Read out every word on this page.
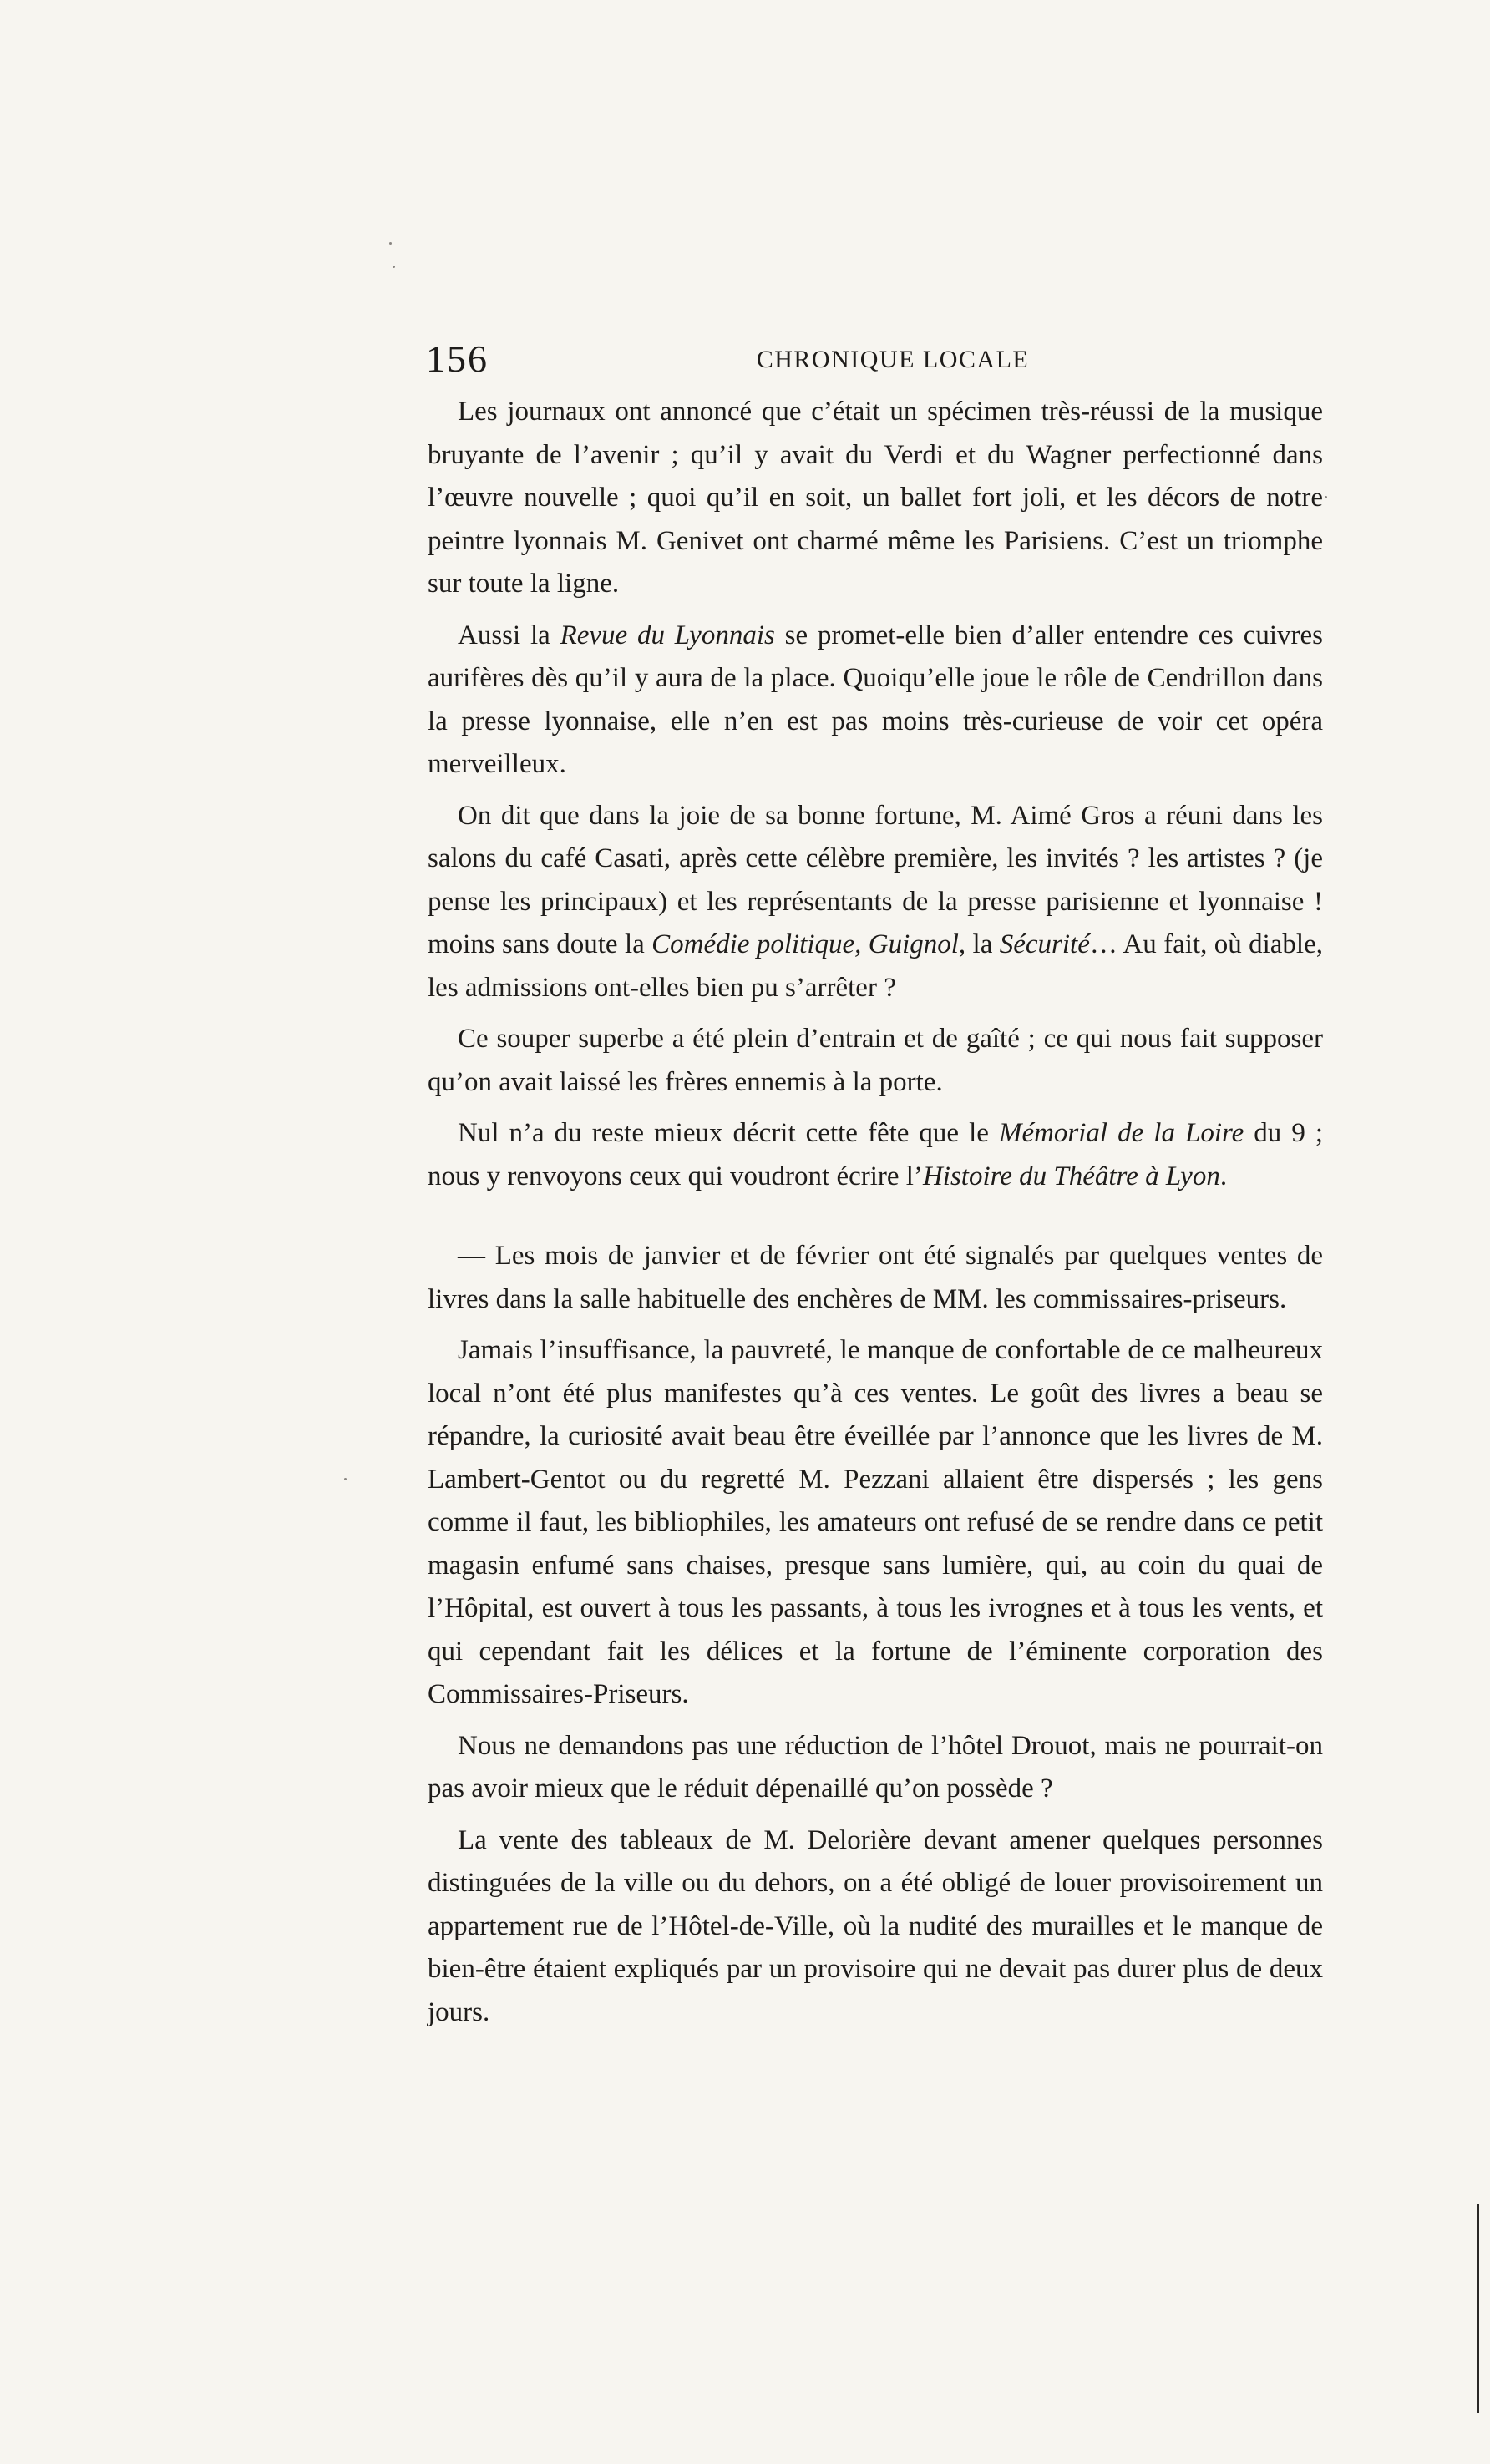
156	CHRONIQUE LOCALE

Les journaux ont annoncé que c’était un spécimen très-réussi de la musique bruyante de l’avenir ; qu’il y avait du Verdi et du Wagner perfectionné dans l’œuvre nouvelle ; quoi qu’il en soit, un ballet fort joli, et les décors de notre peintre lyonnais M. Genivet ont charmé même les Parisiens. C’est un triomphe sur toute la ligne.

Aussi la Revue du Lyonnais se promet-elle bien d’aller entendre ces cuivres aurifères dès qu’il y aura de la place. Quoiqu’elle joue le rôle de Cendrillon dans la presse lyonnaise, elle n’en est pas moins très-curieuse de voir cet opéra merveilleux.

On dit que dans la joie de sa bonne fortune, M. Aimé Gros a réuni dans les salons du café Casati, après cette célèbre première, les invités ? les artistes ? (je pense les principaux) et les représentants de la presse parisienne et lyonnaise ! moins sans doute la Comédie politique, Guignol, la Sécurité… Au fait, où diable, les admissions ont-elles bien pu s’arrêter ?

Ce souper superbe a été plein d’entrain et de gaîté ; ce qui nous fait supposer qu’on avait laissé les frères ennemis à la porte.

Nul n’a du reste mieux décrit cette fête que le Mémorial de la Loire du 9 ; nous y renvoyons ceux qui voudront écrire l’Histoire du Théâtre à Lyon.

— Les mois de janvier et de février ont été signalés par quelques ventes de livres dans la salle habituelle des enchères de MM. les commissaires-priseurs.

Jamais l’insuffisance, la pauvreté, le manque de confortable de ce malheureux local n’ont été plus manifestes qu’à ces ventes. Le goût des livres a beau se répandre, la curiosité avait beau être éveillée par l’annonce que les livres de M. Lambert-Gentot ou du regretté M. Pezzani allaient être dispersés ; les gens comme il faut, les bibliophiles, les amateurs ont refusé de se rendre dans ce petit magasin enfumé sans chaises, presque sans lumière, qui, au coin du quai de l’Hôpital, est ouvert à tous les passants, à tous les ivrognes et à tous les vents, et qui cependant fait les délices et la fortune de l’éminente corporation des Commissaires-Priseurs.

Nous ne demandons pas une réduction de l’hôtel Drouot, mais ne pourrait-on pas avoir mieux que le réduit dépenaillé qu’on possède ?

La vente des tableaux de M. Delorière devant amener quelques personnes distinguées de la ville ou du dehors, on a été obligé de louer provisoirement un appartement rue de l’Hôtel-de-Ville, où la nudité des murailles et le manque de bien-être étaient expliqués par un provisoire qui ne devait pas durer plus de deux jours.
